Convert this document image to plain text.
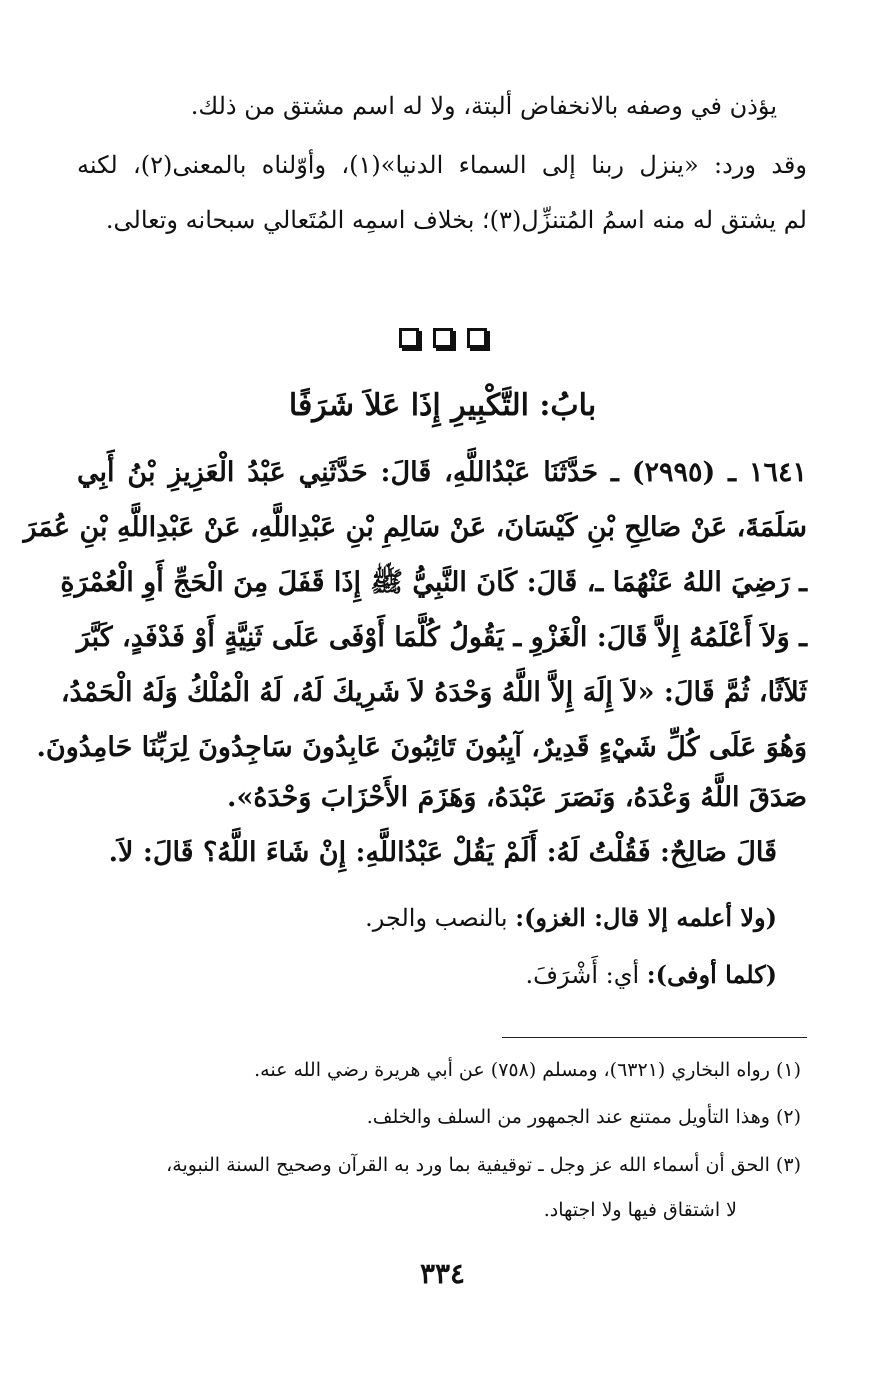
يؤذن في وصفه بالانخفاض ألبتة، ولا له اسم مشتق من ذلك.
وقد ورد: «ينزل ربنا إلى السماء الدنيا»(١)، وأوّلناه بالمعنى(٢)، لكنه
لم يشتق له منه اسمُ المُتنزِّل(٣)؛ بخلاف اسمِه المُتَعالي سبحانه وتعالى.
بابُ: التَّكْبِيرِ إِذَا عَلاَ شَرَفًا
١٦٤١ ـ (٢٩٩٥) ـ حَدَّثَنَا عَبْدُاللَّهِ، قَالَ: حَدَّثَنِي عَبْدُ الْعَزِيزِ بْنُ أَبِي
سَلَمَةَ، عَنْ صَالِحِ بْنِ كَيْسَانَ، عَنْ سَالِمِ بْنِ عَبْدِاللَّهِ، عَنْ عَبْدِاللَّهِ بْنِ عُمَرَ
ـ رَضِيَ اللهُ عَنْهُمَا ـ، قَالَ: كَانَ النَّبِيُّ ﷺ إِذَا قَفَلَ مِنَ الْحَجِّ أَوِ الْعُمْرَةِ
ـ وَلاَ أَعْلَمُهُ إِلاَّ قَالَ: الْغَزْوِ ـ يَقُولُ كُلَّمَا أَوْفَى عَلَى ثَنِيَّةٍ أَوْ فَدْفَدٍ، كَبَّرَ
ثَلاَثًا، ثُمَّ قَالَ: «لاَ إِلَهَ إِلاَّ اللَّهُ وَحْدَهُ لاَ شَرِيكَ لَهُ، لَهُ الْمُلْكُ وَلَهُ الْحَمْدُ،
وَهُوَ عَلَى كُلِّ شَيْءٍ قَدِيرٌ، آيِبُونَ تَائِبُونَ عَابِدُونَ سَاجِدُونَ لِرَبِّنَا حَامِدُونَ.
صَدَقَ اللَّهُ وَعْدَهُ، وَنَصَرَ عَبْدَهُ، وَهَزَمَ الأَحْزَابَ وَحْدَهُ».
قَالَ صَالِحٌ: فَقُلْتُ لَهُ: أَلَمْ يَقُلْ عَبْدُاللَّهِ: إِنْ شَاءَ اللَّهُ؟ قَالَ: لاَ.
(ولا أعلمه إلا قال: الغزو): بالنصب والجر.
(كلما أوفى): أي: أَشْرَفَ.
(١) رواه البخاري (٦٣٢١)، ومسلم (٧٥٨) عن أبي هريرة رضي الله عنه.
(٢) وهذا التأويل ممتنع عند الجمهور من السلف والخلف.
(٣) الحق أن أسماء الله عز وجل ـ توقيفية بما ورد به القرآن وصحيح السنة النبوية،
لا اشتقاق فيها ولا اجتهاد.
٣٣٤
